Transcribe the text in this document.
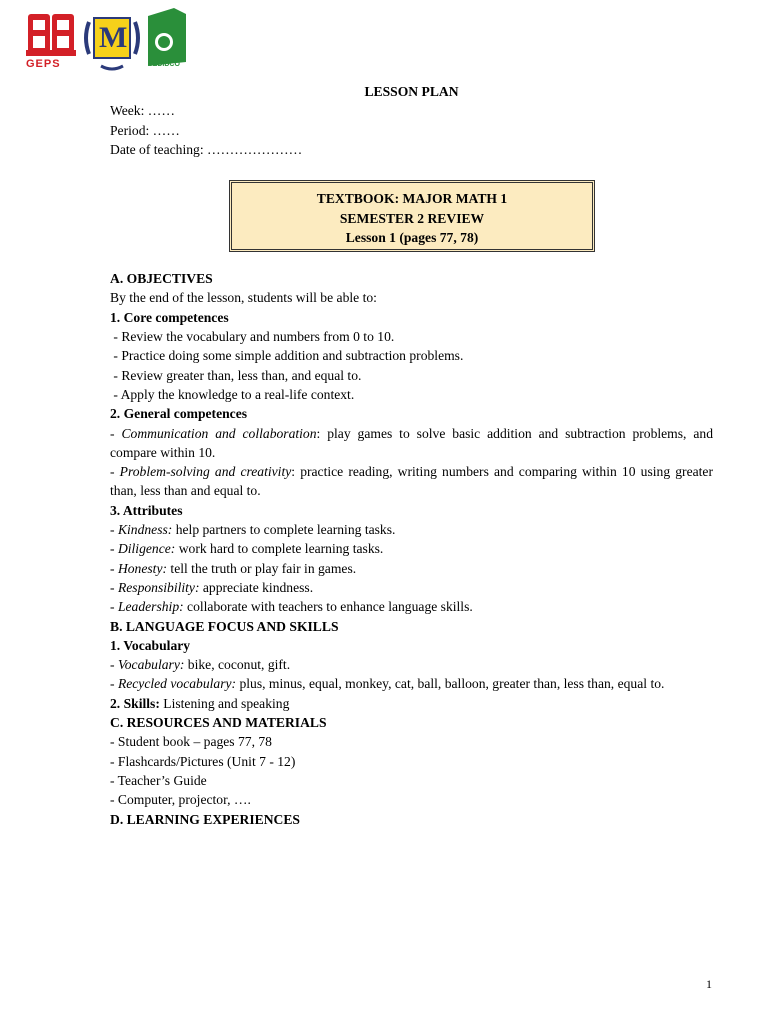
GEPS
M
SEDIDCO
TEXTBOOK: MAJOR MATH 1
SEMESTER 2 REVIEW
Lesson 1 (pages 77, 78)
LESSON PLAN
Week: ……
Period: ……
Date of teaching: …………………
A. OBJECTIVES
By the end of the lesson, students will be able to:
1. Core competences
- Review the vocabulary and numbers from 0 to 10.
- Practice doing some simple addition and subtraction problems.
- Review greater than, less than, and equal to.
- Apply the knowledge to a real-life context.
2. General competences
- Communication and collaboration: play games to solve basic addition and subtraction problems, and compare within 10.
- Problem-solving and creativity: practice reading, writing numbers and comparing within 10 using greater than, less than and equal to.
3. Attributes
- Kindness: help partners to complete learning tasks.
- Diligence: work hard to complete learning tasks.
- Honesty: tell the truth or play fair in games.
- Responsibility: appreciate kindness.
- Leadership: collaborate with teachers to enhance language skills.
B. LANGUAGE FOCUS AND SKILLS
1. Vocabulary
- Vocabulary: bike, coconut, gift.
- Recycled vocabulary: plus, minus, equal, monkey, cat, ball, balloon, greater than, less than, equal to.
2. Skills: Listening and speaking
C. RESOURCES AND MATERIALS
- Student book – pages 77, 78
- Flashcards/Pictures (Unit 7 - 12)
- Teacher’s Guide
- Computer, projector, ….
D. LEARNING EXPERIENCES
1
